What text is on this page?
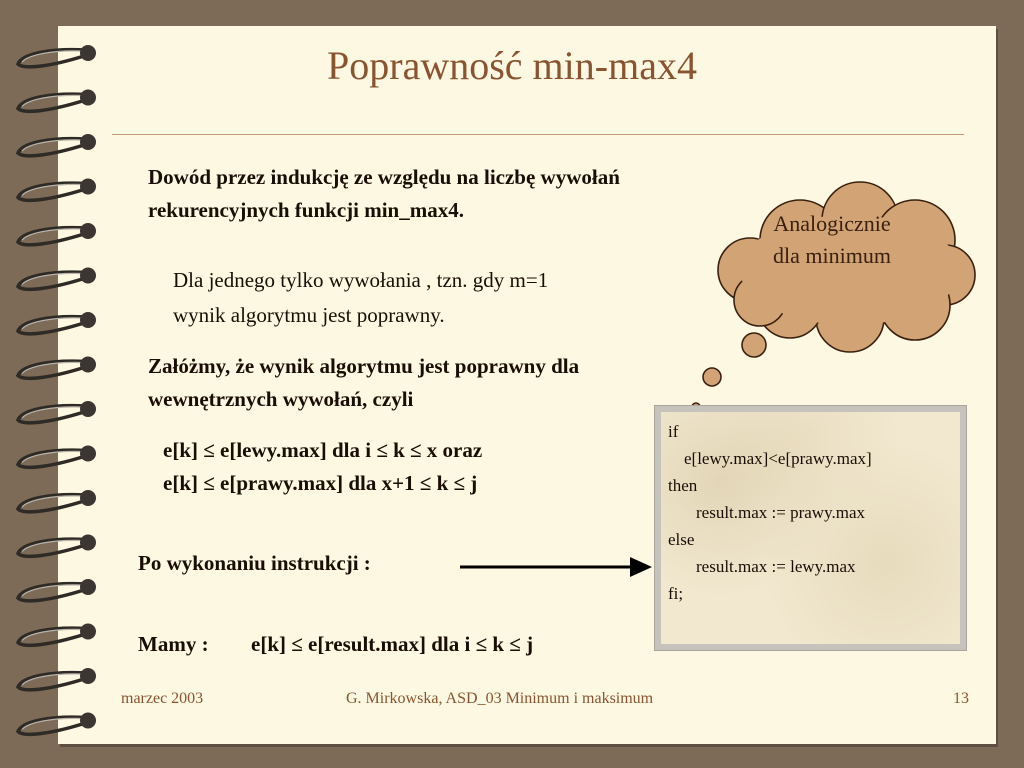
Poprawność min-max4
Dowód przez indukcję ze względu na liczbę wywołań
rekurencyjnych funkcji min_max4.
Dla jednego tylko wywołania , tzn. gdy m=1
wynik algorytmu jest poprawny.
Załóżmy, że wynik algorytmu jest poprawny dla
wewnętrznych wywołań, czyli
e[k] ≤ e[lewy.max] dla i ≤ k ≤ x oraz
e[k] ≤ e[prawy.max] dla x+1 ≤ k ≤ j
Po wykonaniu instrukcji :
Mamy : e[k] ≤ e[result.max] dla i ≤ k ≤ j
Analogicznie
dla minimum
if
e[lewy.max]<e[prawy.max]
then
result.max := prawy.max
else
result.max := lewy.max
fi;
marzec 2003	G. Mirkowska, ASD_03 Minimum i maksimum	13
